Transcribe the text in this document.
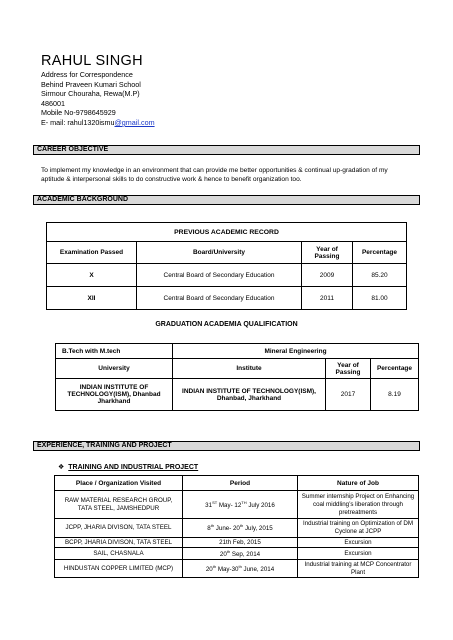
RAHUL SINGH
Address for Correspondence
Behind Praveen Kumari School
Sirmour Chouraha, Rewa(M.P)
486001
Mobile No-9798645929
E- mail: rahul1320ismu@gmail.com
CAREER OBJECTIVE
To implement my knowledge in an environment that can provide me better opportunities & continual up-gradation of my aptitude & interpersonal skills to do constructive work & hence to benefit organization too.
ACADEMIC BACKGROUND
PREVIOUS ACADEMIC RECORD			
Examination Passed	Board/University	Year of Passing	Percentage
X	Central Board of Secondary Education	2009	85.20
XII	Central Board of Secondary Education	2011	81.00
GRADUATION ACADEMIA QUALIFICATION
B.Tech with M.tech	Mineral Engineering		
University	Institute	Year of Passing	Percentage
INDIAN INSTITUTE OF TECHNOLOGY(ISM), Dhanbad Jharkhand	INDIAN INSTITUTE OF TECHNOLOGY(ISM), Dhanbad, Jharkhand	2017	8.19
EXPERIENCE, TRAINING AND PROJECT
❖ TRAINING AND INDUSTRIAL PROJECT
Place / Organization Visited	Period	Nature of Job
RAW MATERIAL RESEARCH GROUP, TATA STEEL, JAMSHEDPUR	31ST May- 12TH July 2016	Summer internship Project on Enhancing coal middling’s liberation through pretreatments
JCPP, JHARIA DIVISON, TATA STEEL	8th June- 20th July, 2015	Industrial training on Optimization of DM Cyclone at JCPP
BCPP, JHARIA DIVISON, TATA STEEL	21th Feb, 2015	Excursion
SAIL, CHASNALA	20th Sep, 2014	Excursion
HINDUSTAN COPPER LIMITED (MCP)	20th May-30th June, 2014	Industrial training at MCP Concentrator Plant
